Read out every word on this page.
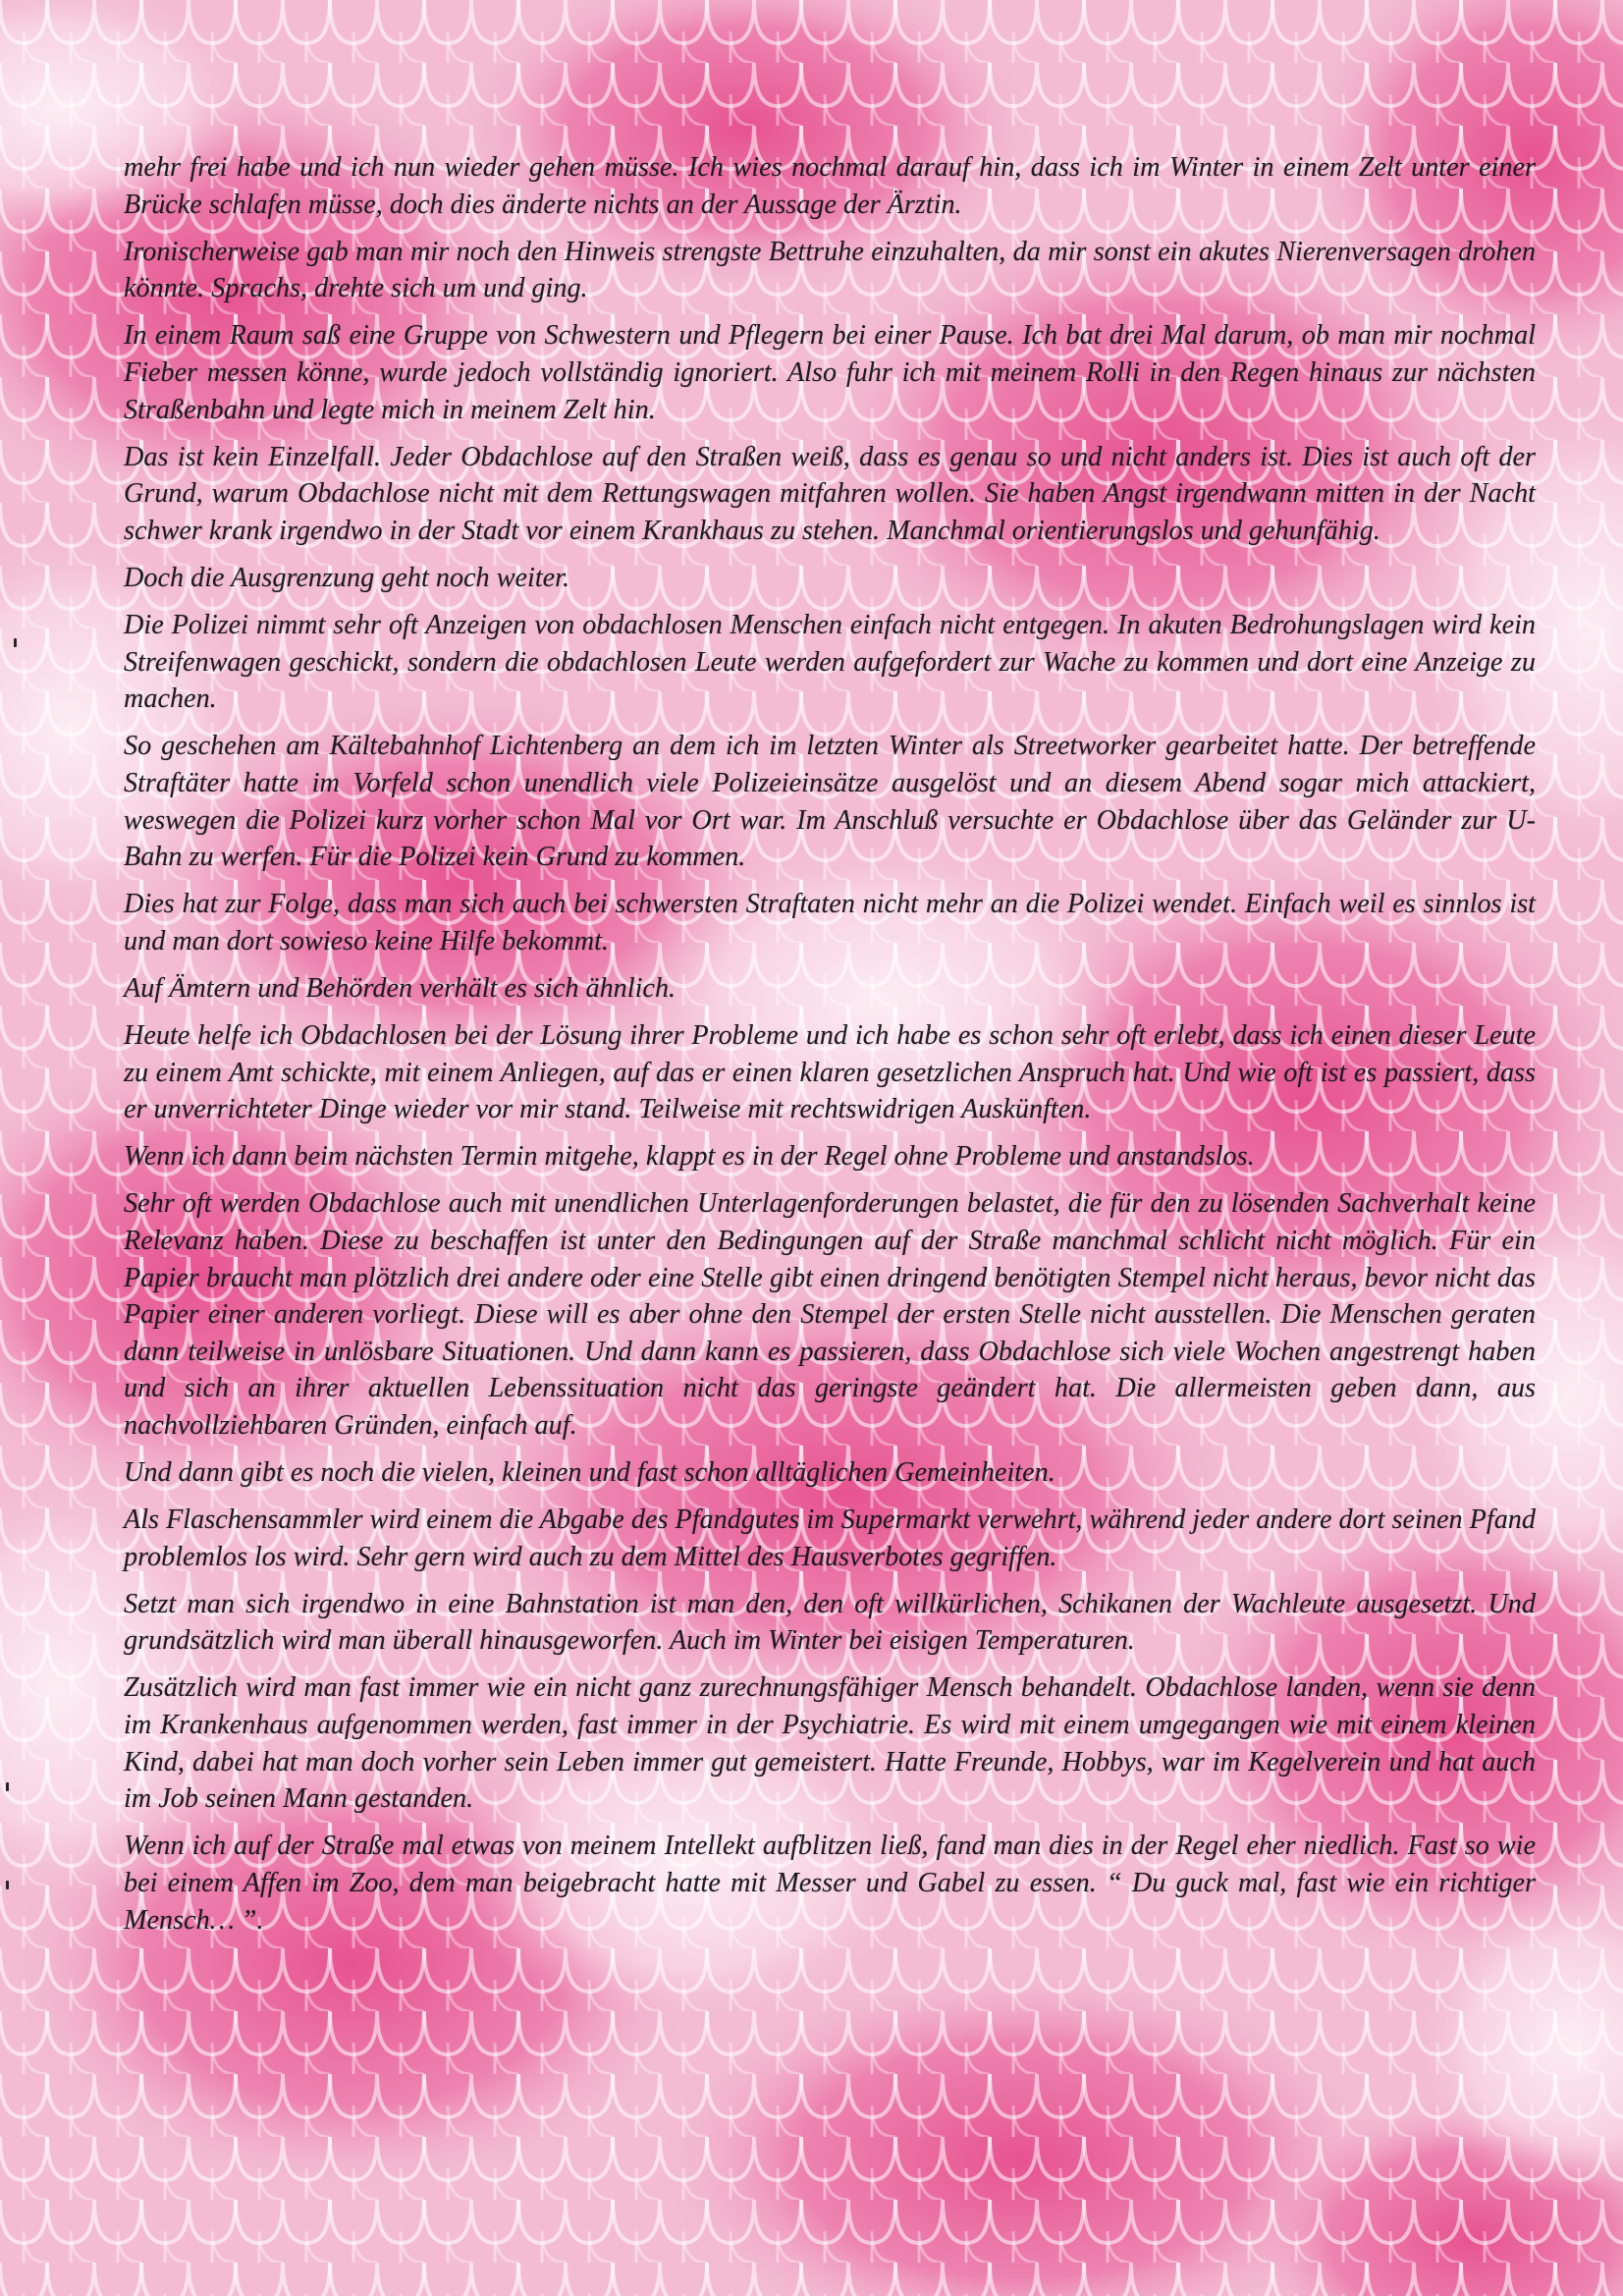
mehr frei habe und ich nun wieder gehen müsse. Ich wies nochmal darauf hin, dass ich im Winter in einem Zelt unter einer Brücke schlafen müsse, doch dies änderte nichts an der Aussage der Ärztin.

Ironischerweise gab man mir noch den Hinweis strengste Bettruhe einzuhalten, da mir sonst ein akutes Nierenversagen drohen könnte. Sprachs, drehte sich um und ging.

In einem Raum saß eine Gruppe von Schwestern und Pflegern bei einer Pause. Ich bat drei Mal darum, ob man mir nochmal Fieber messen könne, wurde jedoch vollständig ignoriert. Also fuhr ich mit meinem Rolli in den Regen hinaus zur nächsten Straßenbahn und legte mich in meinem Zelt hin.

Das ist kein Einzelfall. Jeder Obdachlose auf den Straßen weiß, dass es genau so und nicht anders ist. Dies ist auch oft der Grund, warum Obdachlose nicht mit dem Rettungswagen mitfahren wollen. Sie haben Angst irgendwann mitten in der Nacht schwer krank irgendwo in der Stadt vor einem Krankhaus zu stehen. Manchmal orientierungslos und gehunfähig.

Doch die Ausgrenzung geht noch weiter.

Die Polizei nimmt sehr oft Anzeigen von obdachlosen Menschen einfach nicht entgegen. In akuten Bedrohungslagen wird kein Streifenwagen geschickt, sondern die obdachlosen Leute werden aufgefordert zur Wache zu kommen und dort eine Anzeige zu machen.

So geschehen am Kältebahnhof Lichtenberg an dem ich im letzten Winter als Streetworker gearbeitet hatte. Der betreffende Straftäter hatte im Vorfeld schon unendlich viele Polizeieinsätze ausgelöst und an diesem Abend sogar mich attackiert, weswegen die Polizei kurz vorher schon Mal vor Ort war. Im Anschluß versuchte er Obdachlose über das Geländer zur U-Bahn zu werfen. Für die Polizei kein Grund zu kommen.

Dies hat zur Folge, dass man sich auch bei schwersten Straftaten nicht mehr an die Polizei wendet. Einfach weil es sinnlos ist und man dort sowieso keine Hilfe bekommt.

Auf Ämtern und Behörden verhält es sich ähnlich.

Heute helfe ich Obdachlosen bei der Lösung ihrer Probleme und ich habe es schon sehr oft erlebt, dass ich einen dieser Leute zu einem Amt schickte, mit einem Anliegen, auf das er einen klaren gesetzlichen Anspruch hat. Und wie oft ist es passiert, dass er unverrichteter Dinge wieder vor mir stand. Teilweise mit rechtswidrigen Auskünften.

Wenn ich dann beim nächsten Termin mitgehe, klappt es in der Regel ohne Probleme und anstandslos.

Sehr oft werden Obdachlose auch mit unendlichen Unterlagenforderungen belastet, die für den zu lösenden Sachverhalt keine Relevanz haben. Diese zu beschaffen ist unter den Bedingungen auf der Straße manchmal schlicht nicht möglich. Für ein Papier braucht man plötzlich drei andere oder eine Stelle gibt einen dringend benötigten Stempel nicht heraus, bevor nicht das Papier einer anderen vorliegt. Diese will es aber ohne den Stempel der ersten Stelle nicht ausstellen. Die Menschen geraten dann teilweise in unlösbare Situationen. Und dann kann es passieren, dass Obdachlose sich viele Wochen angestrengt haben und sich an ihrer aktuellen Lebenssituation nicht das geringste geändert hat. Die allermeisten geben dann, aus nachvollziehbaren Gründen, einfach auf.

Und dann gibt es noch die vielen, kleinen und fast schon alltäglichen Gemeinheiten.

Als Flaschensammler wird einem die Abgabe des Pfandgutes im Supermarkt verwehrt, während jeder andere dort seinen Pfand problemlos los wird. Sehr gern wird auch zu dem Mittel des Hausverbotes gegriffen.

Setzt man sich irgendwo in eine Bahnstation ist man den, den oft willkürlichen, Schikanen der Wachleute ausgesetzt. Und grundsätzlich wird man überall hinausgeworfen. Auch im Winter bei eisigen Temperaturen.

Zusätzlich wird man fast immer wie ein nicht ganz zurechnungsfähiger Mensch behandelt. Obdachlose landen, wenn sie denn im Krankenhaus aufgenommen werden, fast immer in der Psychiatrie. Es wird mit einem umgegangen wie mit einem kleinen Kind, dabei hat man doch vorher sein Leben immer gut gemeistert. Hatte Freunde, Hobbys, war im Kegelverein und hat auch im Job seinen Mann gestanden.

Wenn ich auf der Straße mal etwas von meinem Intellekt aufblitzen ließ, fand man dies in der Regel eher niedlich. Fast so wie bei einem Affen im Zoo, dem man beigebracht hatte mit Messer und Gabel zu essen. “ Du guck mal, fast wie ein richtiger Mensch… ”.
